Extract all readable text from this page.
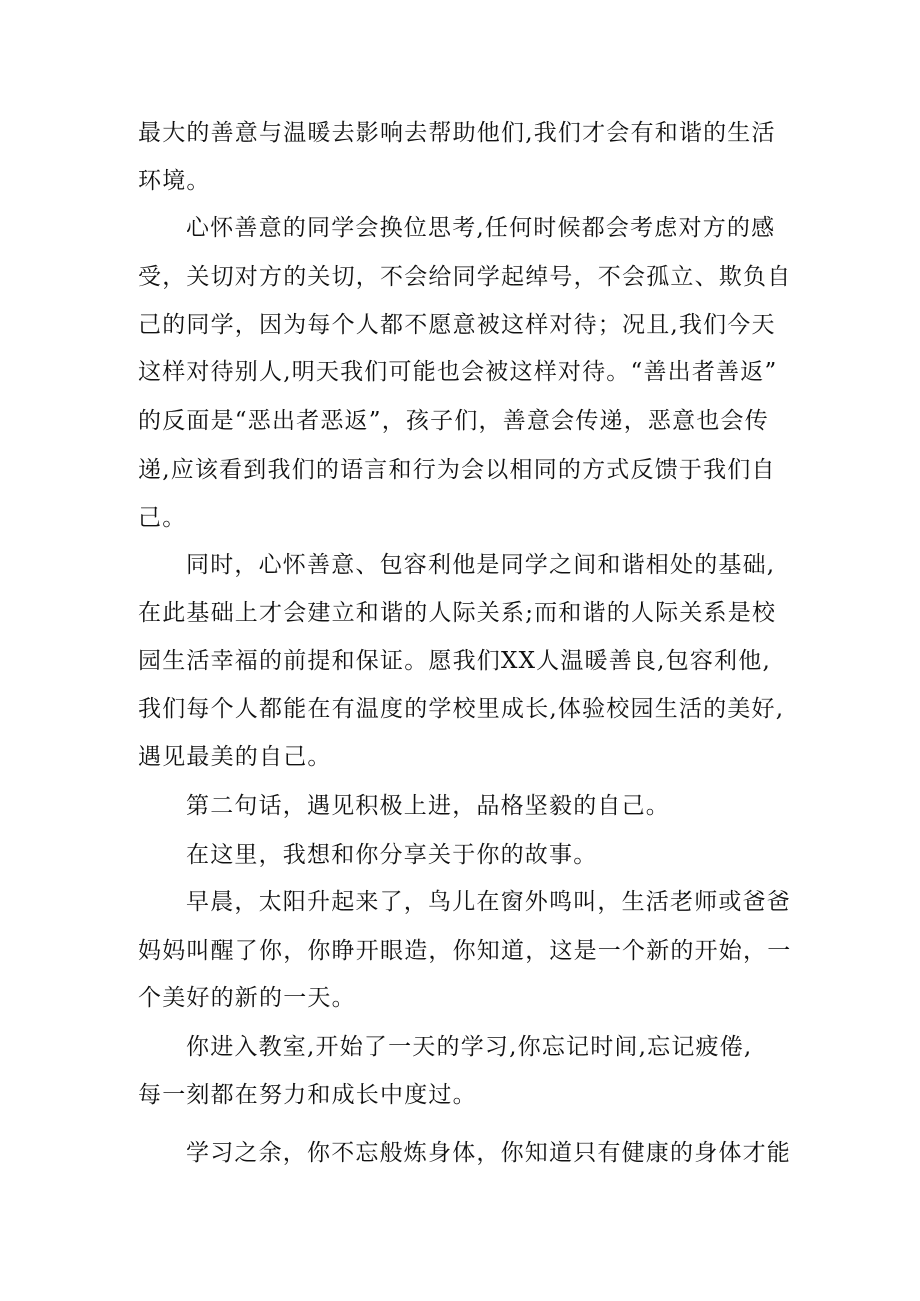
最大的善意与温暖去影响去帮助他们,我们才会有和谐的生活
环境。
心怀善意的同学会换位思考,任何时候都会考虑对方的感
受，关切对方的关切，不会给同学起绰号，不会孤立、欺负自
己的同学，因为每个人都不愿意被这样对待；况且,我们今天
这样对待别人,明天我们可能也会被这样对待。“善出者善返”
的反面是“恶出者恶返”，孩子们，善意会传递，恶意也会传
递,应该看到我们的语言和行为会以相同的方式反馈于我们自
己。
同时，心怀善意、包容利他是同学之间和谐相处的基础,
在此基础上才会建立和谐的人际关系;而和谐的人际关系是校
园生活幸福的前提和保证。愿我们XX人温暖善良,包容利他,
我们每个人都能在有温度的学校里成长,体验校园生活的美好,
遇见最美的自己。
第二句话，遇见积极上进，品格坚毅的自己。
在这里，我想和你分享关于你的故事。
早晨，太阳升起来了，鸟儿在窗外鸣叫，生活老师或爸爸
妈妈叫醒了你，你睁开眼造，你知道，这是一个新的开始，一
个美好的新的一天。
你进入教室,开始了一天的学习,你忘记时间,忘记疲倦,
每一刻都在努力和成长中度过。
学习之余，你不忘般炼身体，你知道只有健康的身体才能
